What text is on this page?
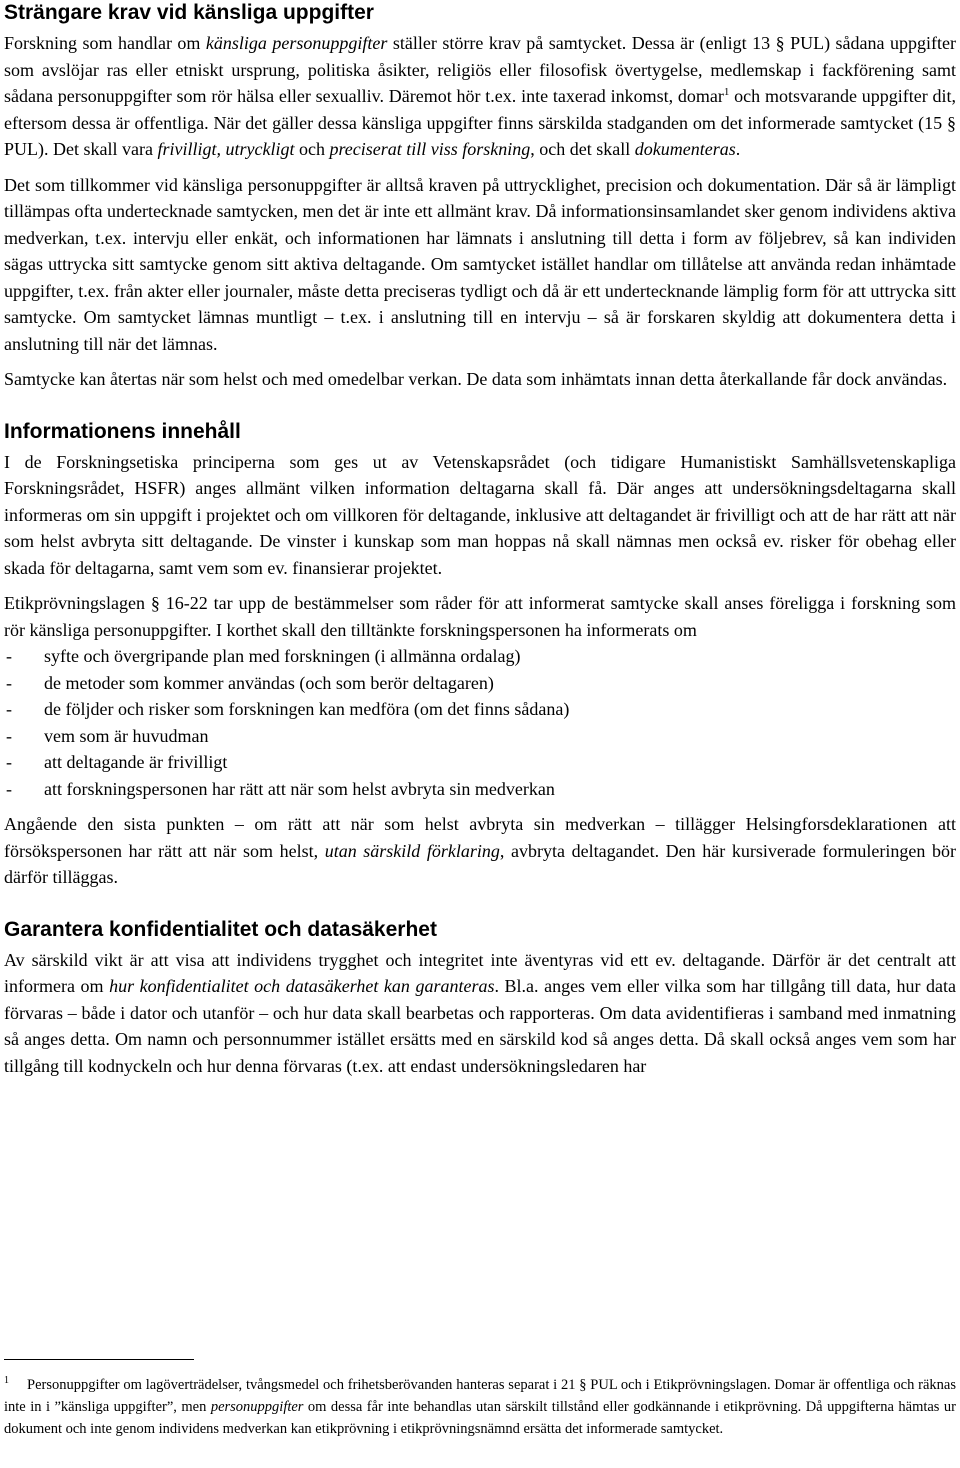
Strängare krav vid känsliga uppgifter

Forskning som handlar om känsliga personuppgifter ställer större krav på samtycket. Dessa är (enligt 13 § PUL) sådana uppgifter som avslöjar ras eller etniskt ursprung, politiska åsikter, religiös eller filosofisk övertygelse, medlemskap i fackförening samt sådana personuppgifter som rör hälsa eller sexualliv. Däremot hör t.ex. inte taxerad inkomst, domar$^1$ och motsvarande uppgifter dit, eftersom dessa är offentliga. När det gäller dessa känsliga uppgifter finns särskilda stadganden om det informerade samtycket (15 § PUL). Det skall vara frivilligt, utryckligt och preciserat till viss forskning, och det skall dokumenteras.

Det som tillkommer vid känsliga personuppgifter är alltså kraven på uttrycklighet, precision och dokumentation. Där så är lämpligt tillämpas ofta undertecknade samtycken, men det är inte ett allmänt krav. Då informationsinsamlandet sker genom individens aktiva medverkan, t.ex. intervju eller enkät, och informationen har lämnats i anslutning till detta i form av följebrev, så kan individen sägas uttrycka sitt samtycke genom sitt aktiva deltagande. Om samtycket istället handlar om tillåtelse att använda redan inhämtade uppgifter, t.ex. från akter eller journaler, måste detta preciseras tydligt och då är ett undertecknande lämplig form för att uttrycka sitt samtycke. Om samtycket lämnas muntligt – t.ex. i anslutning till en intervju – så är forskaren skyldig att dokumentera detta i anslutning till när det lämnas.

Samtycke kan återtas när som helst och med omedelbar verkan. De data som inhämtats innan detta återkallande får dock användas.

Informationens innehåll

I de Forskningsetiska principerna som ges ut av Vetenskapsrådet (och tidigare Humanistiskt Samhällsvetenskapliga Forskningsrådet, HSFR) anges allmänt vilken information deltagarna skall få. Där anges att undersökningsdeltagarna skall informeras om sin uppgift i projektet och om villkoren för deltagande, inklusive att deltagandet är frivilligt och att de har rätt att när som helst avbryta sitt deltagande. De vinster i kunskap som man hoppas nå skall nämnas men också ev. risker för obehag eller skada för deltagarna, samt vem som ev. finansierar projektet.

Etikprövningslagen § 16-22 tar upp de bestämmelser som råder för att informerat samtycke skall anses föreligga i forskning som rör känsliga personuppgifter. I korthet skall den tilltänkte forskningspersonen ha informerats om

-	syfte och övergripande plan med forskningen (i allmänna ordalag)
-	de metoder som kommer användas (och som berör deltagaren)
-	de följder och risker som forskningen kan medföra (om det finns sådana)
-	vem som är huvudman
-	att deltagande är frivilligt
-	att forskningspersonen har rätt att när som helst avbryta sin medverkan

Angående den sista punkten – om rätt att när som helst avbryta sin medverkan – tillägger Helsingforsdeklarationen att försökspersonen har rätt att när som helst, utan särskild förklaring, avbryta deltagandet. Den här kursiverade formuleringen bör därför tilläggas.

Garantera konfidentialitet och datasäkerhet

Av särskild vikt är att visa att individens trygghet och integritet inte äventyras vid ett ev. deltagande. Därför är det centralt att informera om hur konfidentialitet och datasäkerhet kan garanteras. Bl.a. anges vem eller vilka som har tillgång till data, hur data förvaras – både i dator och utanför – och hur data skall bearbetas och rapporteras. Om data avidentifieras i samband med inmatning så anges detta. Om namn och personnummer istället ersätts med en särskild kod så anges detta. Då skall också anges vem som har tillgång till kodnyckeln och hur denna förvaras (t.ex. att endast undersökningsledaren har

$^1$ Personuppgifter om lagöverträdelser, tvångsmedel och frihetsberövanden hanteras separat i 21 § PUL och i Etikprövningslagen. Domar är offentliga och räknas inte in i ”känsliga uppgifter”, men personuppgifter om dessa får inte behandlas utan särskilt tillstånd eller godkännande i etikprövning. Då uppgifterna hämtas ur dokument och inte genom individens medverkan kan etikprövning i etikprövningsnämnd ersätta det informerade samtycket.
